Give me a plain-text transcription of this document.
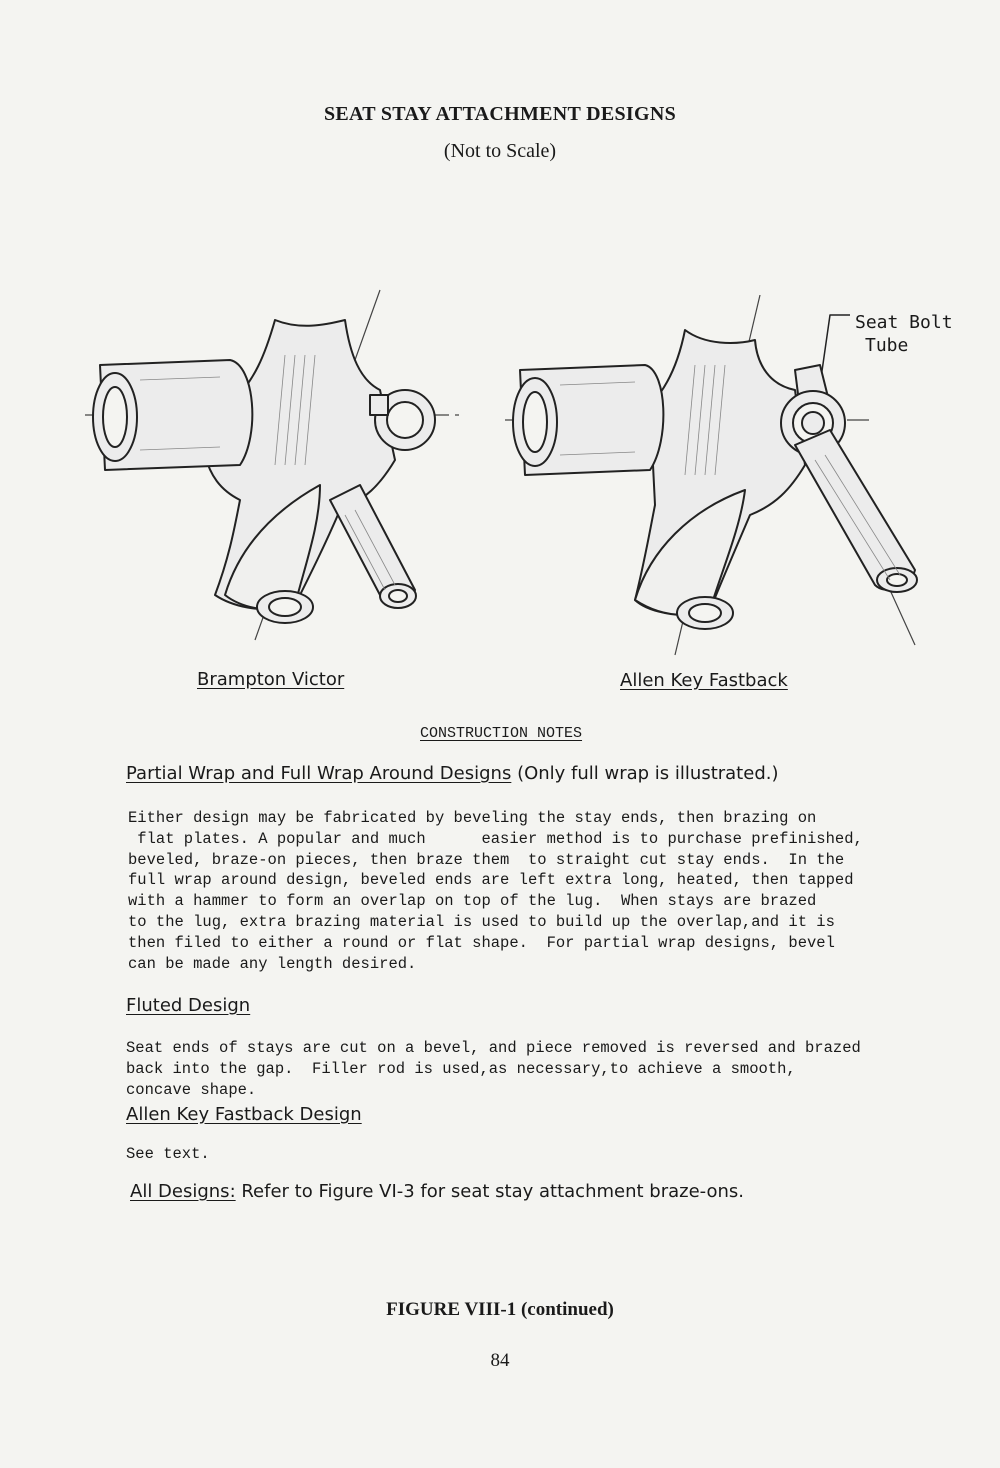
SEAT STAY ATTACHMENT DESIGNS
(Not to Scale)
Seat Bolt
Tube
Brampton Victor	Allen Key Fastback
CONSTRUCTION NOTES
Partial Wrap and Full Wrap Around Designs (Only full wrap is illustrated.)
Either design may be fabricated by beveling the stay ends, then brazing on
flat plates. A popular and much      easier method is to purchase prefinished,
beveled, braze-on pieces, then braze them  to straight cut stay ends.  In the
full wrap around design, beveled ends are left extra long, heated, then tapped
with a hammer to form an overlap on top of the lug.  When stays are brazed
to the lug, extra brazing material is used to build up the overlap,and it is
then filed to either a round or flat shape.  For partial wrap designs, bevel
can be made any length desired.
Fluted Design
Seat ends of stays are cut on a bevel, and piece removed is reversed and brazed
back into the gap.  Filler rod is used,as necessary,to achieve a smooth,
concave shape.
Allen Key Fastback Design
See text.
All Designs: Refer to Figure VI-3 for seat stay attachment braze-ons.
FIGURE VIII-1 (continued)
84
